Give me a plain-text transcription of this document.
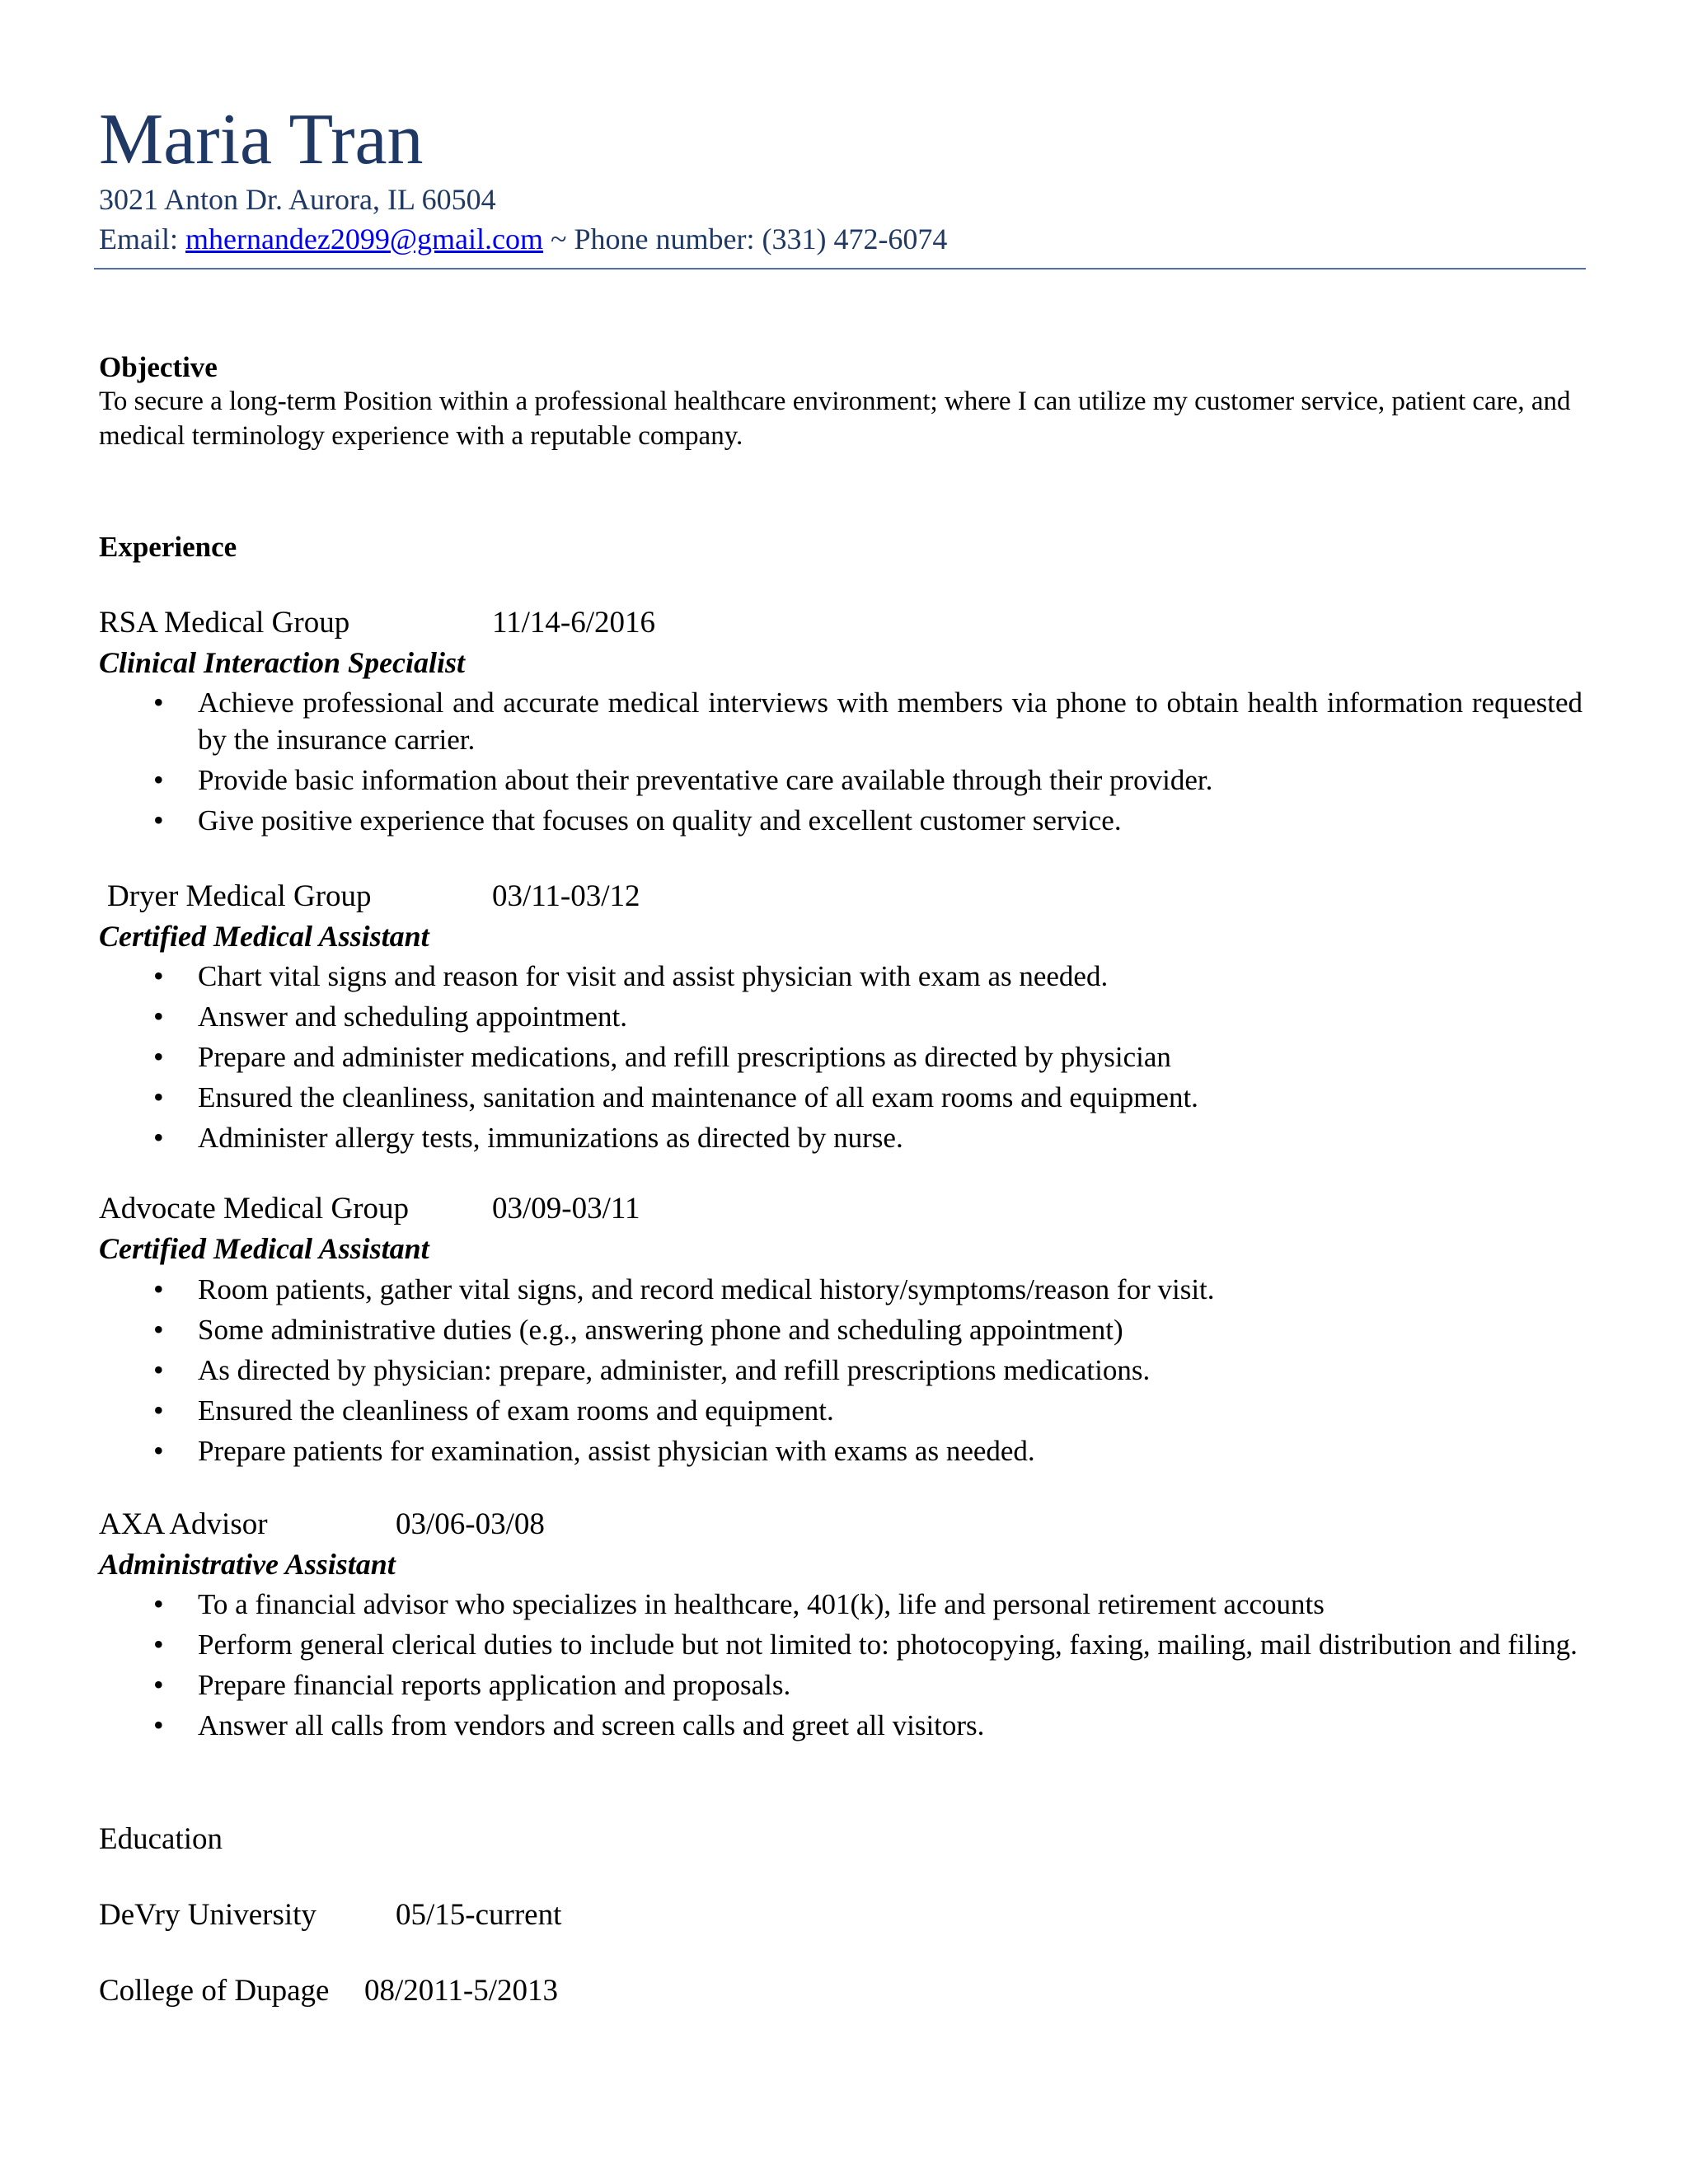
Maria Tran
3021 Anton Dr. Aurora, IL 60504
Email: mhernandez2099@gmail.com ~ Phone number: (331) 472-6074
Objective
To secure a long-term Position within a professional healthcare environment; where I can utilize my customer service, patient care, and medical terminology experience with a reputable company.
Experience
RSA Medical Group	11/14-6/2016
Clinical Interaction Specialist
• Achieve professional and accurate medical interviews with members via phone to obtain health information requested by the insurance carrier.
• Provide basic information about their preventative care available through their provider.
• Give positive experience that focuses on quality and excellent customer service.
Dryer Medical Group	03/11-03/12
Certified Medical Assistant
• Chart vital signs and reason for visit and assist physician with exam as needed.
• Answer and scheduling appointment.
• Prepare and administer medications, and refill prescriptions as directed by physician
• Ensured the cleanliness, sanitation and maintenance of all exam rooms and equipment.
• Administer allergy tests, immunizations as directed by nurse.
Advocate Medical Group	03/09-03/11
Certified Medical Assistant
• Room patients, gather vital signs, and record medical history/symptoms/reason for visit.
• Some administrative duties (e.g., answering phone and scheduling appointment)
• As directed by physician: prepare, administer, and refill prescriptions medications.
• Ensured the cleanliness of exam rooms and equipment.
• Prepare patients for examination, assist physician with exams as needed.
AXA Advisor	03/06-03/08
Administrative Assistant
• To a financial advisor who specializes in healthcare, 401(k), life and personal retirement accounts
• Perform general clerical duties to include but not limited to: photocopying, faxing, mailing, mail distribution and filing.
• Prepare financial reports application and proposals.
• Answer all calls from vendors and screen calls and greet all visitors.
Education
DeVry University	05/15-current
College of Dupage 08/2011-5/2013
